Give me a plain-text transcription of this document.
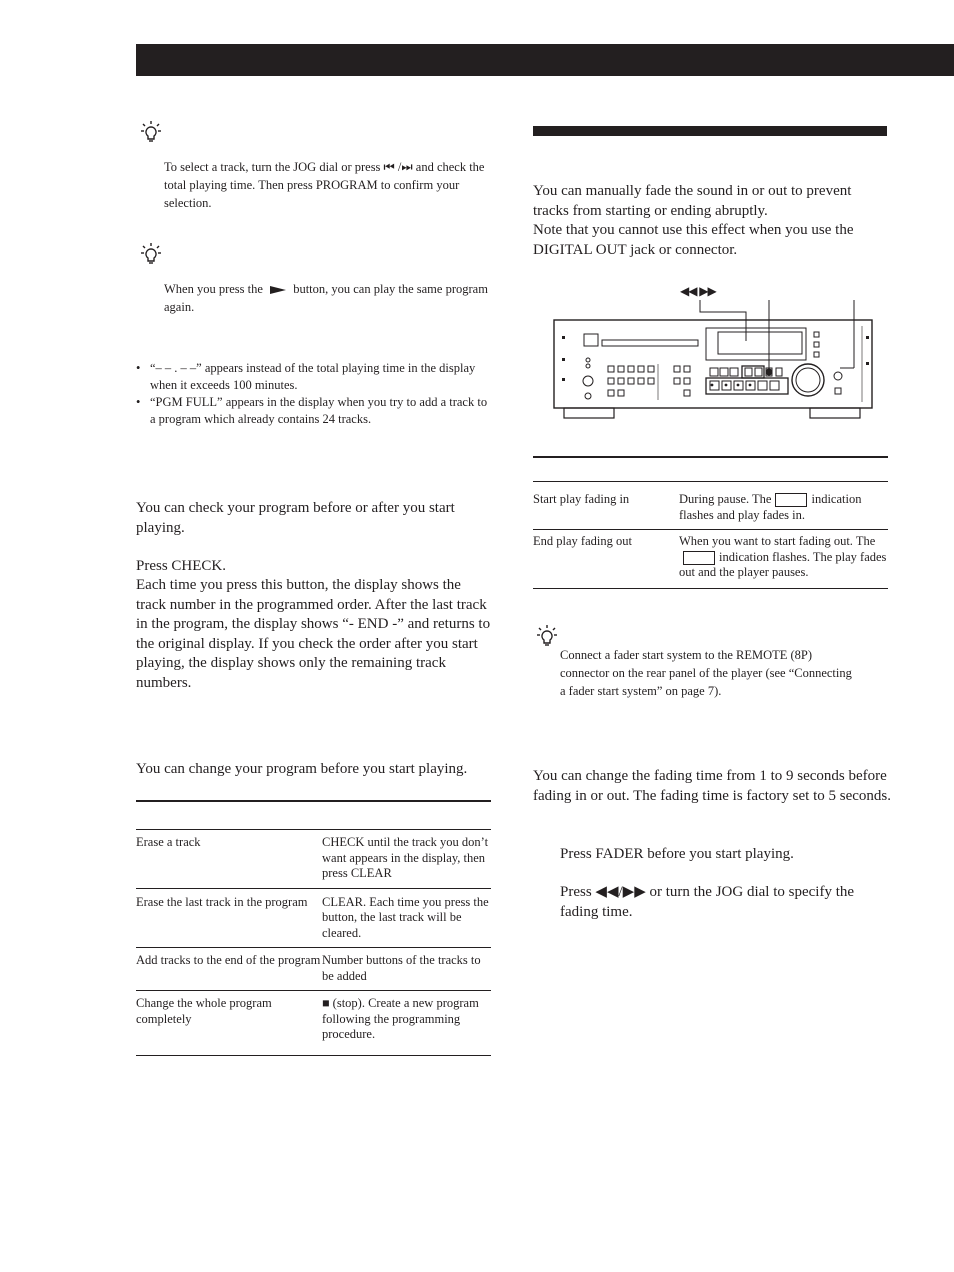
To select a track, turn the JOG dial or press ⏮ /⏭ and check the total playing time. Then press PROGRAM to confirm your selection.
When you press the button, you can play the same program again.
• “– – . – –” appears instead of the total playing time in the display when it exceeds 100 minutes.
• “PGM FULL” appears in the display when you try to add a track to a program which already contains 24 tracks.
You can check your program before or after you start playing.
Press CHECK.
Each time you press this button, the display shows the track number in the programmed order. After the last track in the program, the display shows “- END -” and returns to the original display. If you check the order after you start playing, the display shows only the remaining track numbers.
You can change your program before you start playing.
Erase a track	CHECK until the track you don’t want appears in the display, then press CLEAR

Erase the last track in the program	CLEAR. Each time you press the button, the last track will be cleared.

Add tracks to the end of the program	Number buttons of the tracks to be added

Change the whole program completely	■ (stop). Create a new program following the programming procedure.
You can manually fade the sound in or out to prevent tracks from starting or ending abruptly.
Note that you cannot use this effect when you use the DIGITAL OUT jack or connector.
◀◀ ▶▶
Start play fading in	During pause. The indication flashes and play fades in.

End play fading out	When you want to start fading out. Theindication flashes. The play fades out and the player pauses.
Connect a fader start system to the REMOTE (8P) connector on the rear panel of the player (see “Connecting a fader start system” on page 7).
You can change the fading time from 1 to 9 seconds before fading in or out. The fading time is factory set to 5 seconds.
Press FADER before you start playing.
Press ◀◀/▶▶ or turn the JOG dial to specify the fading time.
